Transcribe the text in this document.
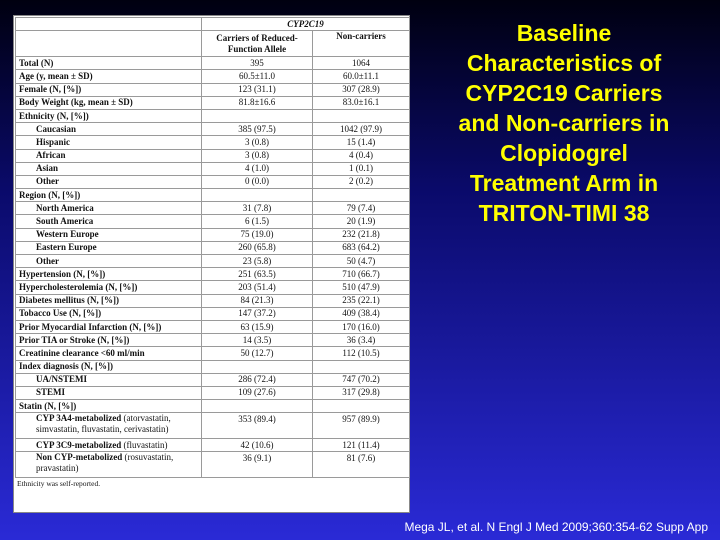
	CYP2C19	
	Carriers of Reduced-Function Allele	Non-carriers
Total (N)	395	1064
Age (y, mean ± SD)	60.5±11.0	60.0±11.1
Female (N, [%])	123 (31.1)	307 (28.9)
Body Weight (kg, mean ± SD)	81.8±16.6	83.0±16.1
Ethnicity (N, [%])		
Caucasian	385 (97.5)	1042 (97.9)
Hispanic	3 (0.8)	15 (1.4)
African	3 (0.8)	4 (0.4)
Asian	4 (1.0)	1 (0.1)
Other	0 (0.0)	2 (0.2)
Region (N, [%])		
North America	31 (7.8)	79 (7.4)
South America	6 (1.5)	20 (1.9)
Western Europe	75 (19.0)	232 (21.8)
Eastern Europe	260 (65.8)	683 (64.2)
Other	23 (5.8)	50 (4.7)
Hypertension (N, [%])	251 (63.5)	710 (66.7)
Hypercholesterolemia (N, [%])	203 (51.4)	510 (47.9)
Diabetes mellitus (N, [%])	84 (21.3)	235 (22.1)
Tobacco Use (N, [%])	147 (37.2)	409 (38.4)
Prior Myocardial Infarction (N, [%])	63 (15.9)	170 (16.0)
Prior TIA or Stroke (N, [%])	14 (3.5)	36 (3.4)
Creatinine clearance <60 ml/min	50 (12.7)	112 (10.5)
Index diagnosis (N, [%])		
UA/NSTEMI	286 (72.4)	747 (70.2)
STEMI	109 (27.6)	317 (29.8)
Statin (N, [%])		
CYP 3A4-metabolized (atorvastatin, simvastatin, fluvastatin, cerivastatin)	353 (89.4)	957 (89.9)
CYP 3C9-metabolized (fluvastatin)	42 (10.6)	121 (11.4)
Non CYP-metabolized (rosuvastatin, pravastatin)	36 (9.1)	81 (7.6)
Ethnicity was self-reported.
Baseline
Characteristics of
CYP2C19 Carriers
and Non-carriers in
Clopidogrel
Treatment Arm in
TRITON-TIMI 38
Mega JL, et al. N Engl J Med 2009;360:354-62 Supp App
